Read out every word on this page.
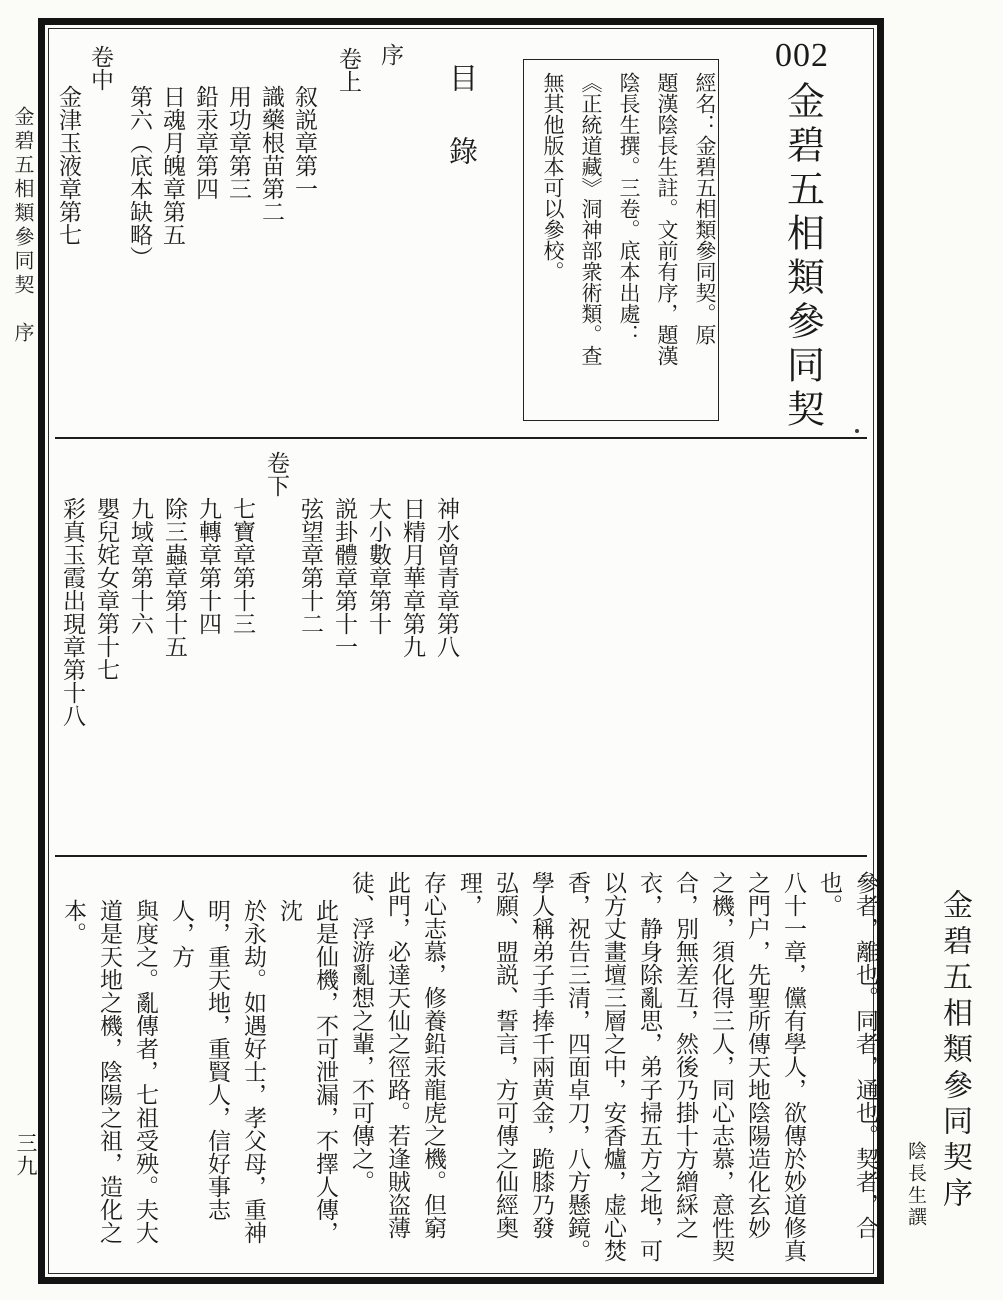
金碧五相類參同契　序
三九
002
金碧五相類參同契
經名：金碧五相類參同契。原
題漢陰長生註。文前有序，題漢
陰長生撰。三卷。底本出處：
《正統道藏》洞神部衆術類。查
無其他版本可以參校。
目錄
序
卷上
叙説章第一
識藥根苗第二
用功章第三
鉛汞章第四
日魂月魄章第五
第六（底本缺略）
卷中
金津玉液章第七
神水曾青章第八
日精月華章第九
大小數章第十
説卦體章第十一
弦望章第十二
卷下
七寶章第十三
九轉章第十四
除三蟲章第十五
九域章第十六
嬰兒姹女章第十七
彩真玉霞出現章第十八
金碧五相類參同契序
陰長生譔
參者，離也。同者，通也。契者，合也。
八十一章，儻有學人，欲傳於妙道修真
之門户，先聖所傳天地陰陽造化玄妙
之機，須化得三人，同心志慕，意性契
合，別無差互，然後乃掛十方繒綵之
衣，静身除亂思，弟子掃五方之地，可
以方丈畫壇三層之中，安香爐，虚心焚
香，祝告三清，四面卓刀，八方懸鏡。
學人稱弟子手捧千兩黄金，跪膝乃發
弘願、盟説、誓言，方可傳之仙經奥理，
存心志慕，修養鉛汞龍虎之機。但窮
此門，必達天仙之徑路。若逢賊盗薄
徒、浮游亂想之輩，不可傳之。
此是仙機，不可泄漏，不擇人傳，沈
於永劫。如遇好士，孝父母，重神
明，重天地，重賢人，信好事志人，方
與度之。亂傳者，七祖受殃。夫大
道是天地之機，陰陽之祖，造化之
本。
